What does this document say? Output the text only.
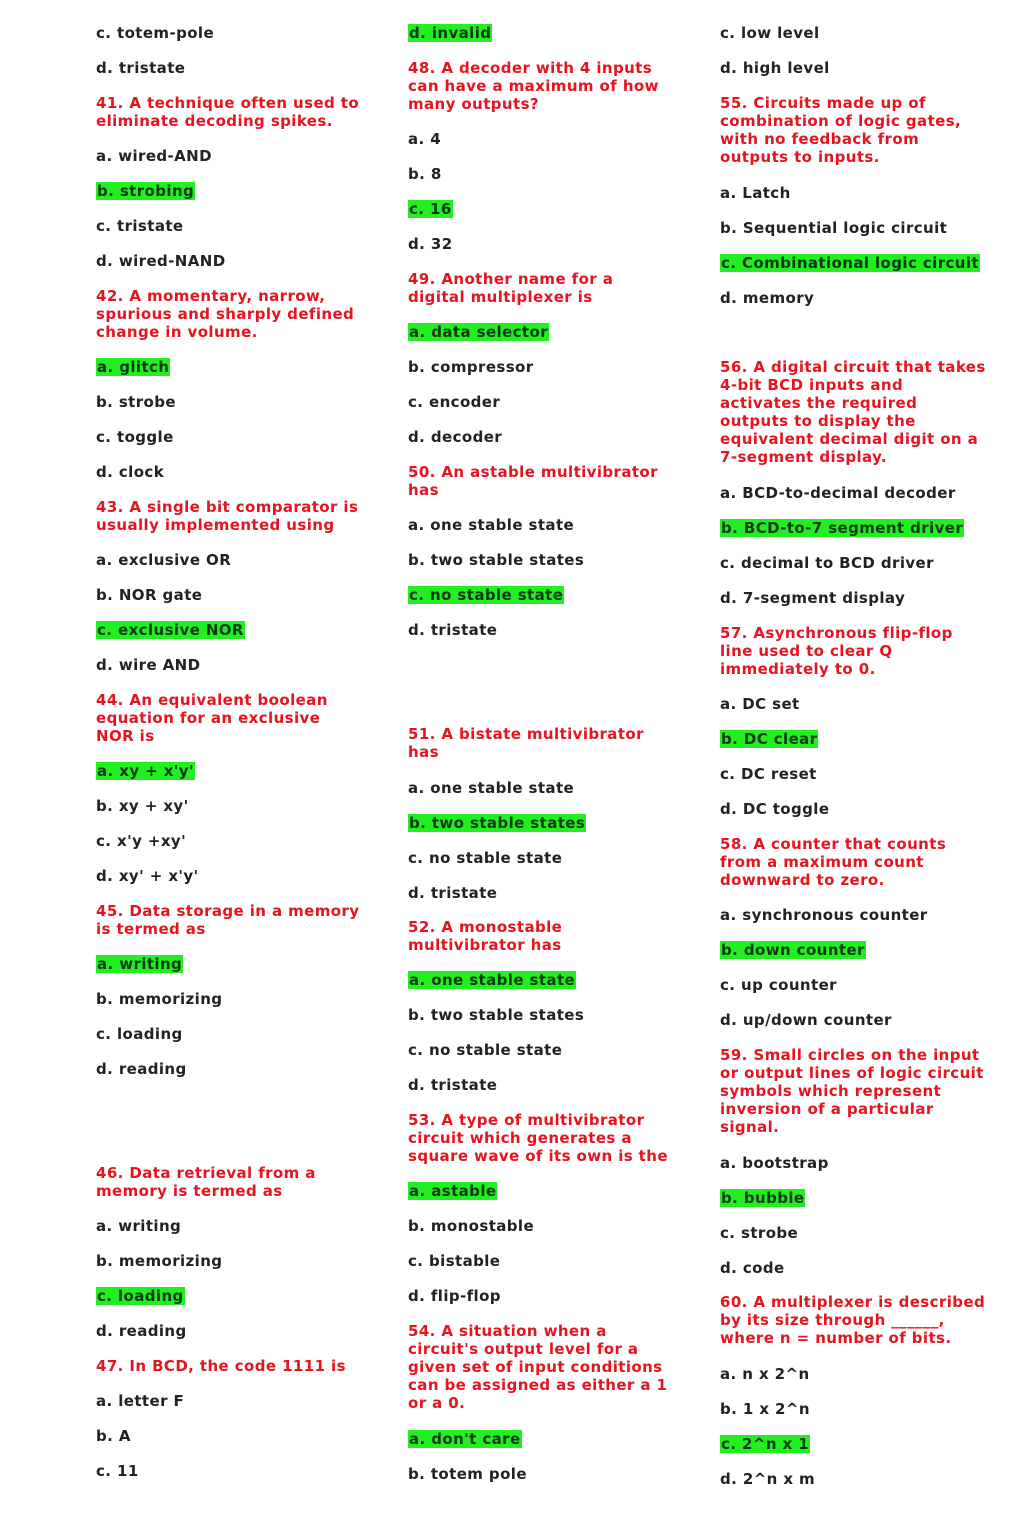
c. totem-pole
d. tristate
41. A technique often used to
eliminate decoding spikes.
a. wired-AND
b. strobing
c. tristate
d. wired-NAND
42. A momentary, narrow,
spurious and sharply defined
change in volume.
a. glitch
b. strobe
c. toggle
d. clock
43. A single bit comparator is
usually implemented using
a. exclusive OR
b. NOR gate
c. exclusive NOR
d. wire AND
44. An equivalent boolean
equation for an exclusive
NOR is
a. xy + x'y'
b. xy + xy'
c. x'y +xy'
d. xy' + x'y'
45. Data storage in a memory
is termed as
a. writing
b. memorizing
c. loading
d. reading
46. Data retrieval from a
memory is termed as
a. writing
b. memorizing
c. loading
d. reading
47. In BCD, the code 1111 is
a. letter F
b. A
c. 11
d. invalid
48. A decoder with 4 inputs
can have a maximum of how
many outputs?
a. 4
b. 8
c. 16
d. 32
49. Another name for a
digital multiplexer is
a. data selector
b. compressor
c. encoder
d. decoder
50. An astable multivibrator
has
a. one stable state
b. two stable states
c. no stable state
d. tristate
51. A bistate multivibrator
has
a. one stable state
b. two stable states
c. no stable state
d. tristate
52. A monostable
multivibrator has
a. one stable state
b. two stable states
c. no stable state
d. tristate
53. A type of multivibrator
circuit which generates a
square wave of its own is the
a. astable
b. monostable
c. bistable
d. flip-flop
54. A situation when a
circuit's output level for a
given set of input conditions
can be assigned as either a 1
or a 0.
a. don't care
b. totem pole
c. low level
d. high level
55. Circuits made up of
combination of logic gates,
with no feedback from
outputs to inputs.
a. Latch
b. Sequential logic circuit
c. Combinational logic circuit
d. memory
56. A digital circuit that takes
4-bit BCD inputs and
activates the required
outputs to display the
equivalent decimal digit on a
7-segment display.
a. BCD-to-decimal decoder
b. BCD-to-7 segment driver
c. decimal to BCD driver
d. 7-segment display
57. Asynchronous flip-flop
line used to clear Q
immediately to 0.
a. DC set
b. DC clear
c. DC reset
d. DC toggle
58. A counter that counts
from a maximum count
downward to zero.
a. synchronous counter
b. down counter
c. up counter
d. up/down counter
59. Small circles on the input
or output lines of logic circuit
symbols which represent
inversion of a particular
signal.
a. bootstrap
b. bubble
c. strobe
d. code
60. A multiplexer is described
by its size through ______,
where n = number of bits.
a. n x 2^n
b. 1 x 2^n
c. 2^n x 1
d. 2^n x m
